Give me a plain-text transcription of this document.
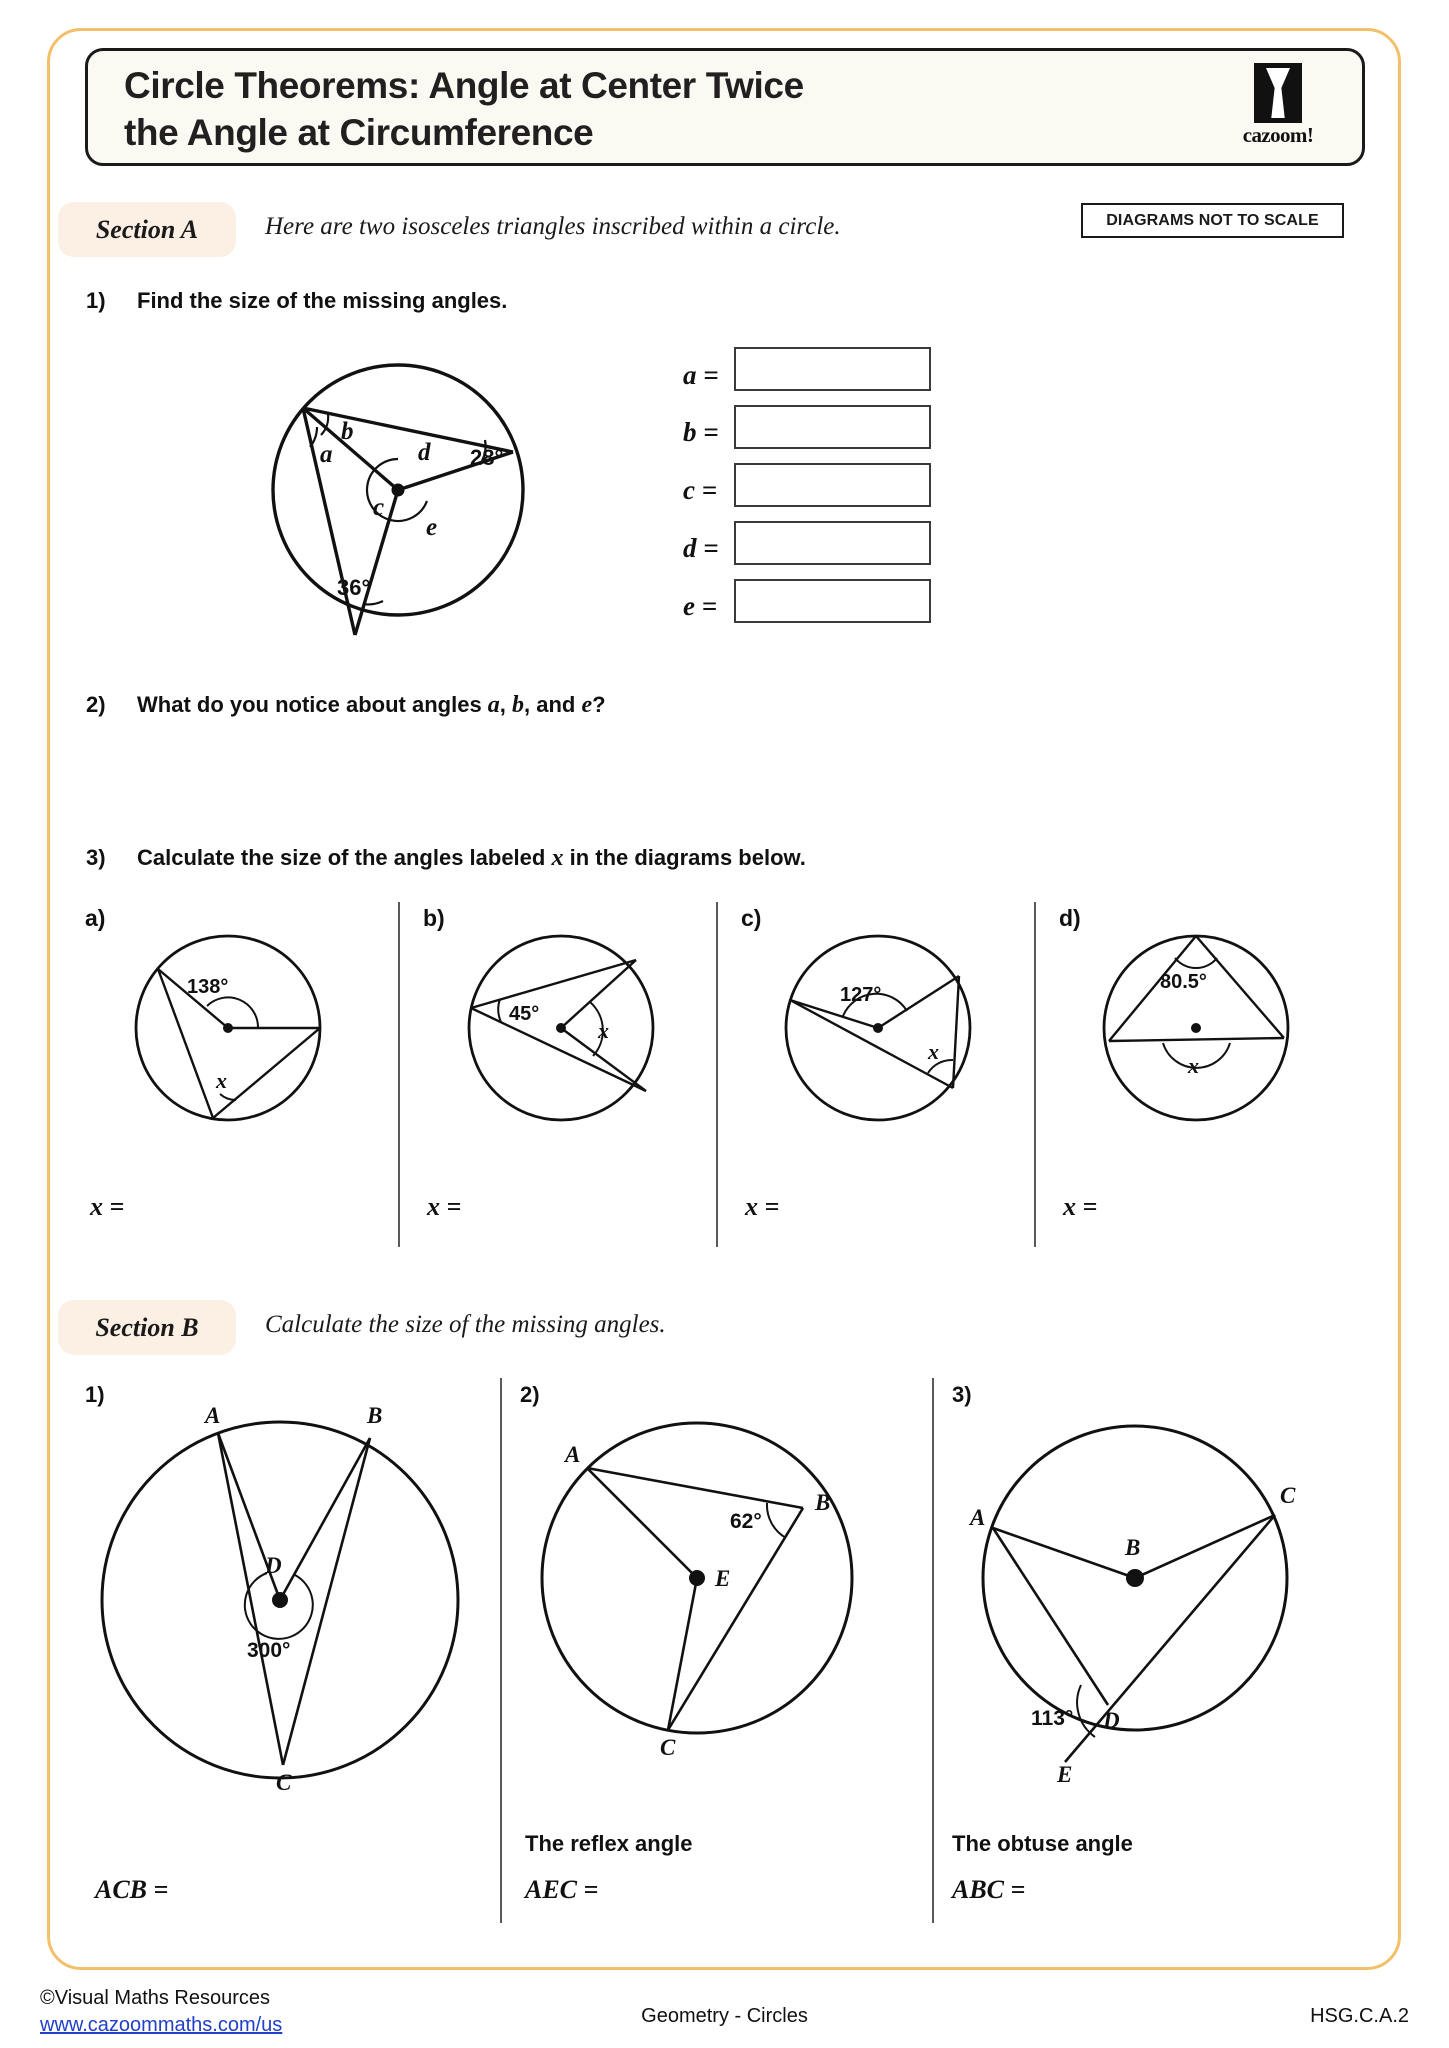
Circle Theorems: Angle at Center Twice
the Angle at Circumference	cazoom!
Section A	Here are two isosceles triangles inscribed within a circle.	DIAGRAMS NOT TO SCALE
1) Find the size of the missing angles.
b
a	d
c
e
28°
36°
a =
b =
c =
d =
e =
2) What do you notice about angles a, b, and e?
3) Calculate the size of the angles labeled x in the diagrams below.
a)
138°
x
x =
b)
45°
x
x =
c)
127°
x
x =
d)
80.5°
x
x =
Section B	Calculate the size of the missing angles.
1)
A	B
C
D
300°
ACB =
2)
A
B
C
E
62°
The reflex angle
AEC =
3)
A
B
C
D
E
113°
The obtuse angle
ABC =
©Visual Maths Resources
www.cazoommaths.com/us	Geometry - Circles	HSG.C.A.2
